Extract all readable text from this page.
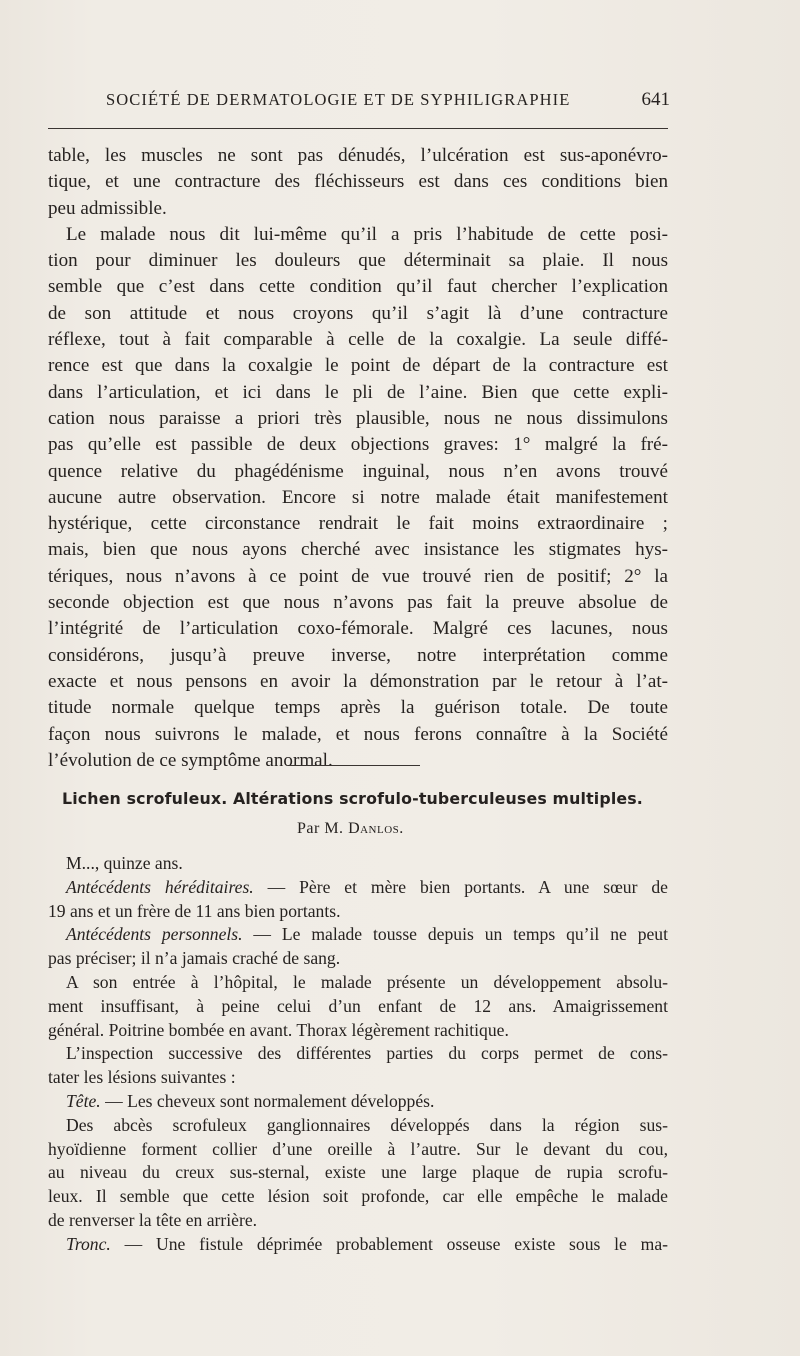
SOCIÉTÉ DE DERMATOLOGIE ET DE SYPHILIGRAPHIE	641
table, les muscles ne sont pas dénudés, l’ulcération est sus-aponévro-
tique, et une contracture des fléchisseurs est dans ces conditions bien
peu admissible.
Le malade nous dit lui-même qu’il a pris l’habitude de cette posi-
tion pour diminuer les douleurs que déterminait sa plaie. Il nous
semble que c’est dans cette condition qu’il faut chercher l’explication
de son attitude et nous croyons qu’il s’agit là d’une contracture
réflexe, tout à fait comparable à celle de la coxalgie. La seule diffé-
rence est que dans la coxalgie le point de départ de la contracture est
dans l’articulation, et ici dans le pli de l’aine. Bien que cette expli-
cation nous paraisse a priori très plausible, nous ne nous dissimulons
pas qu’elle est passible de deux objections graves: 1° malgré la fré-
quence relative du phagédénisme inguinal, nous n’en avons trouvé
aucune autre observation. Encore si notre malade était manifestement
hystérique, cette circonstance rendrait le fait moins extraordinaire ;
mais, bien que nous ayons cherché avec insistance les stigmates hys-
tériques, nous n’avons à ce point de vue trouvé rien de positif; 2° la
seconde objection est que nous n’avons pas fait la preuve absolue de
l’intégrité de l’articulation coxo-fémorale. Malgré ces lacunes, nous
considérons, jusqu’à preuve inverse, notre interprétation comme
exacte et nous pensons en avoir la démonstration par le retour à l’at-
titude normale quelque temps après la guérison totale. De toute
façon nous suivrons le malade, et nous ferons connaître à la Société
l’évolution de ce symptôme anormal.
Lichen scrofuleux. Altérations scrofulo-tuberculeuses multiples.
Par M. Danlos.
M..., quinze ans.
Antécédents héréditaires. — Père et mère bien portants. A une sœur de
19 ans et un frère de 11 ans bien portants.
Antécédents personnels. — Le malade tousse depuis un temps qu’il ne peut
pas préciser; il n’a jamais craché de sang.
A son entrée à l’hôpital, le malade présente un développement absolu-
ment insuffisant, à peine celui d’un enfant de 12 ans. Amaigrissement
général. Poitrine bombée en avant. Thorax légèrement rachitique.
L’inspection successive des différentes parties du corps permet de cons-
tater les lésions suivantes :
Tête. — Les cheveux sont normalement développés.
Des abcès scrofuleux ganglionnaires développés dans la région sus-
hyoïdienne forment collier d’une oreille à l’autre. Sur le devant du cou,
au niveau du creux sus-sternal, existe une large plaque de rupia scrofu-
leux. Il semble que cette lésion soit profonde, car elle empêche le malade
de renverser la tête en arrière.
Tronc. — Une fistule déprimée probablement osseuse existe sous le ma-
